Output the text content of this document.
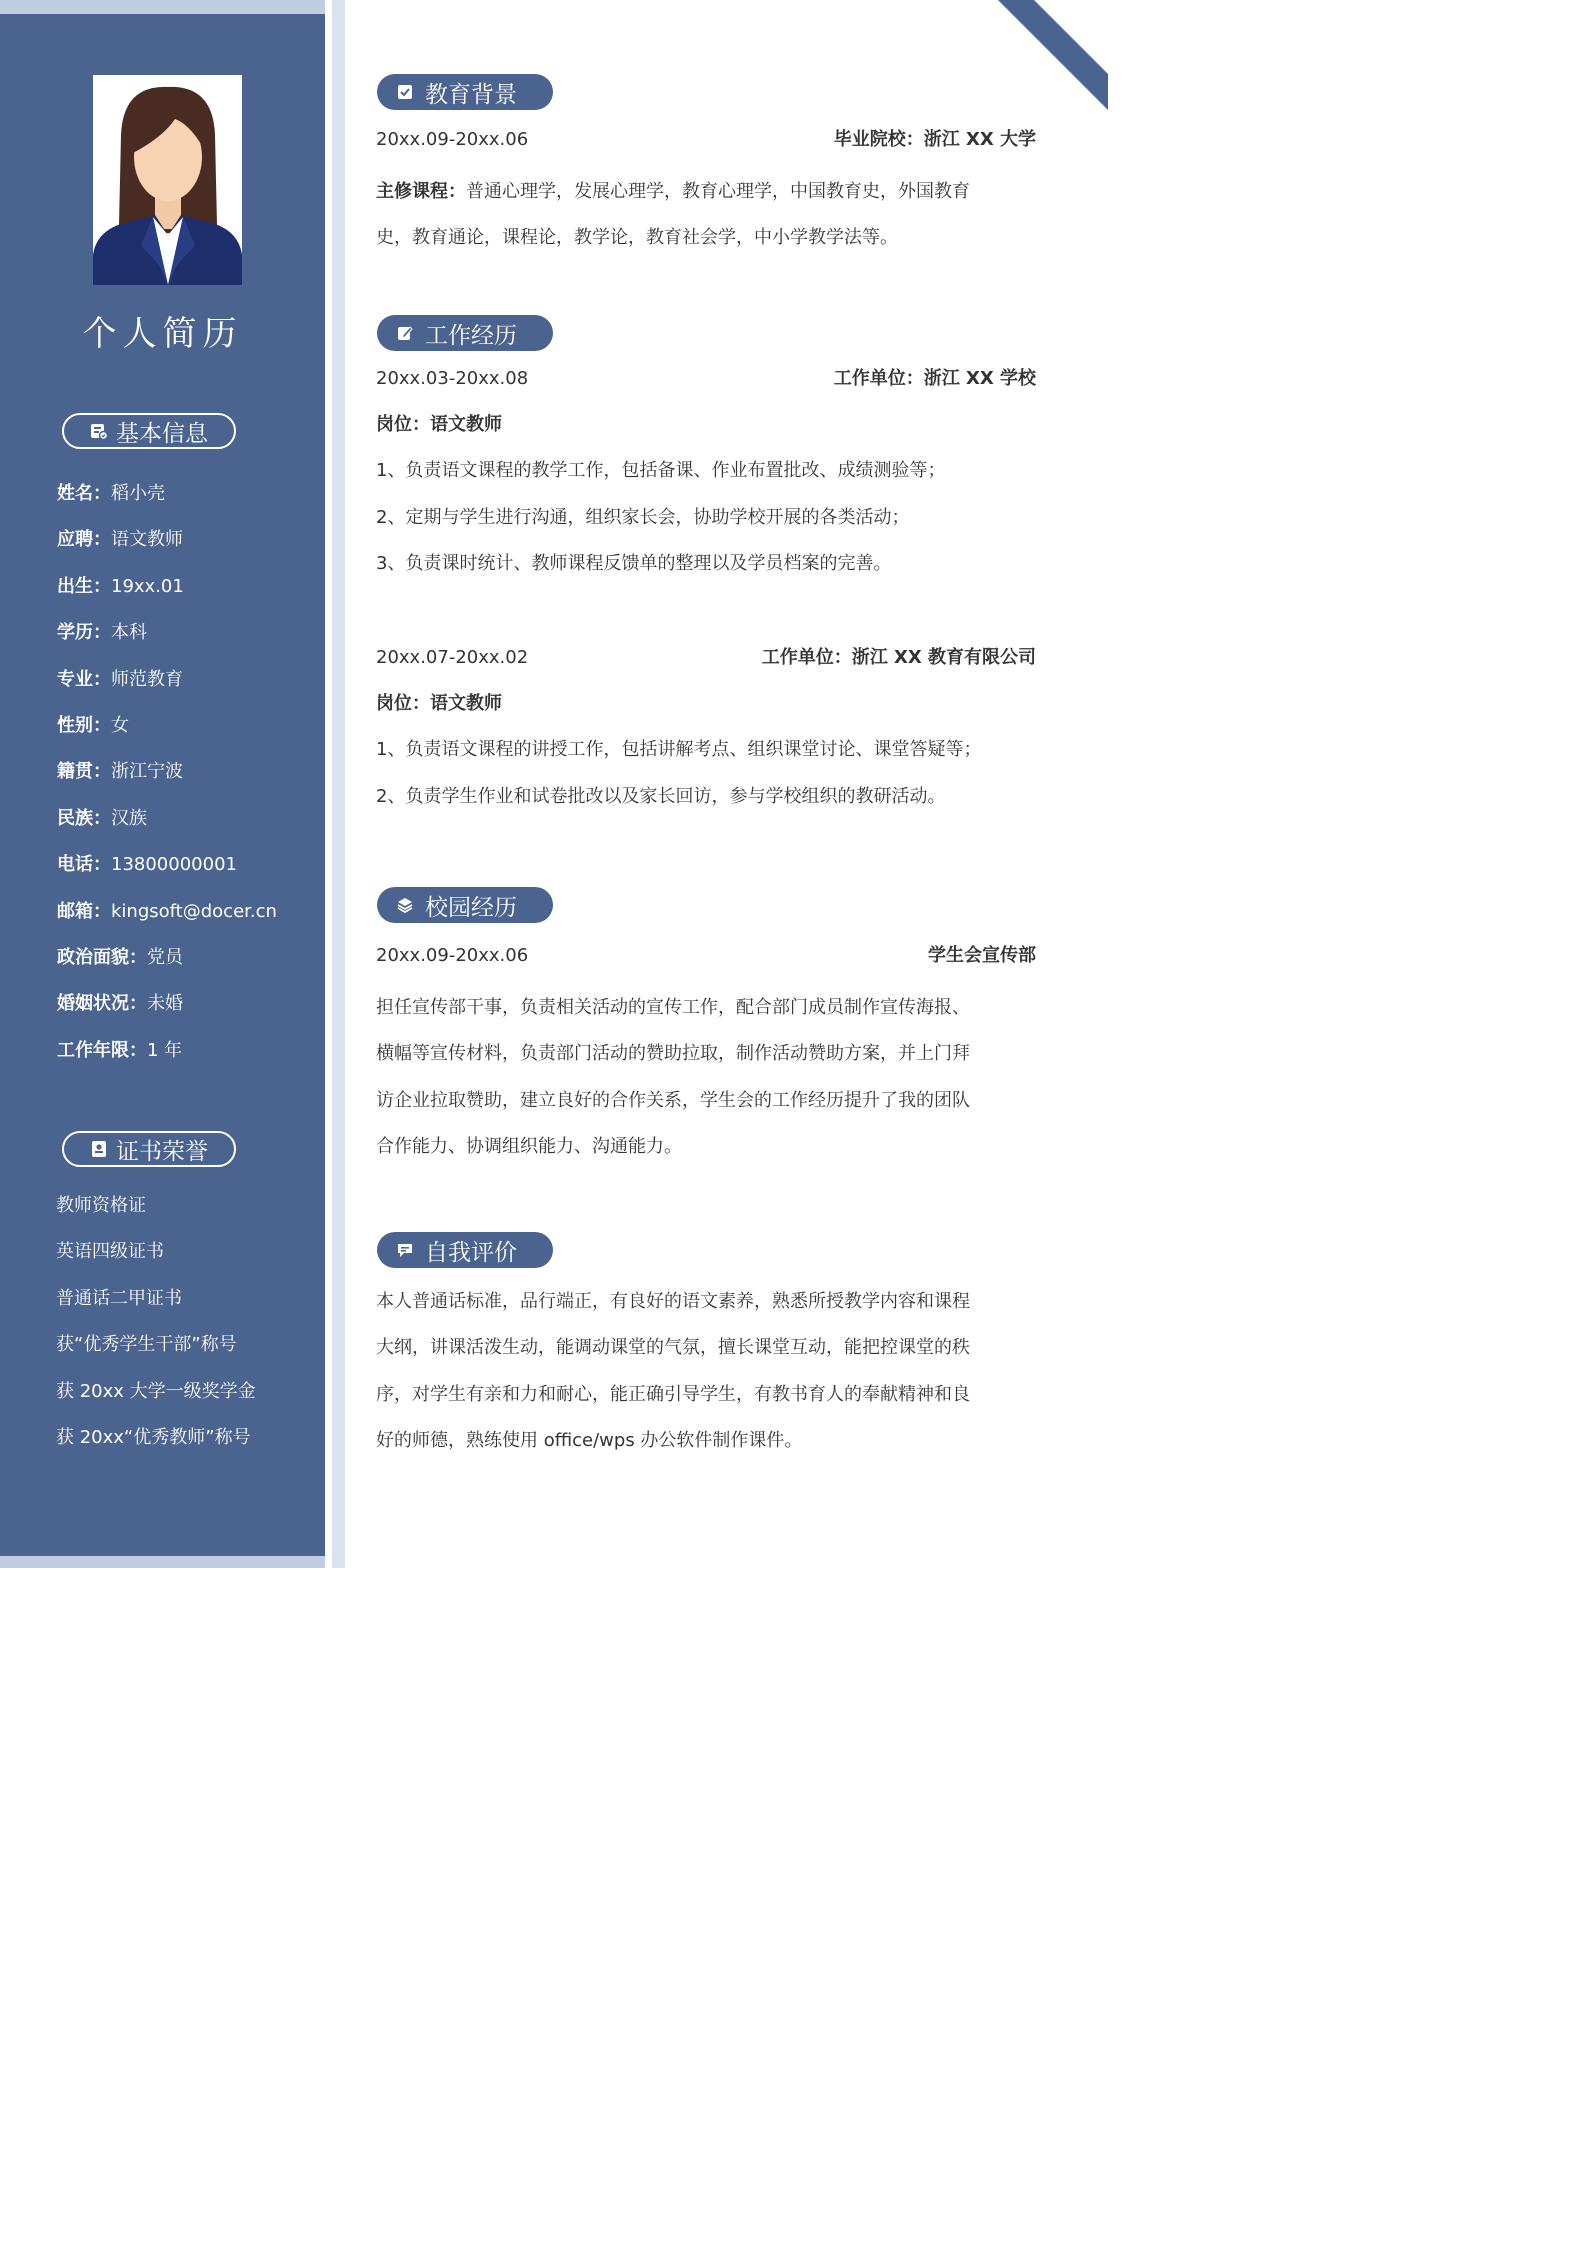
个人简历
基本信息
姓名：稻小壳
应聘：语文教师
出生：19xx.01
学历：本科
专业：师范教育
性别：女
籍贯：浙江宁波
民族：汉族
电话：13800000001
邮箱：kingsoft@docer.cn
政治面貌：党员
婚姻状况：未婚
工作年限：1 年
证书荣誉
教师资格证
英语四级证书
普通话二甲证书
获“优秀学生干部”称号
获 20xx 大学一级奖学金
获 20xx“优秀教师”称号
教育背景
20xx.09-20xx.06	毕业院校：浙江 XX 大学
主修课程：普通心理学，发展心理学，教育心理学，中国教育史，外国教育
史，教育通论，课程论，教学论，教育社会学，中小学教学法等。
工作经历
20xx.03-20xx.08	工作单位：浙江 XX 学校
岗位：语文教师
1、负责语文课程的教学工作，包括备课、作业布置批改、成绩测验等；
2、定期与学生进行沟通，组织家长会，协助学校开展的各类活动；
3、负责课时统计、教师课程反馈单的整理以及学员档案的完善。
20xx.07-20xx.02	工作单位：浙江 XX 教育有限公司
岗位：语文教师
1、负责语文课程的讲授工作，包括讲解考点、组织课堂讨论、课堂答疑等；
2、负责学生作业和试卷批改以及家长回访，参与学校组织的教研活动。
校园经历
20xx.09-20xx.06	学生会宣传部
担任宣传部干事，负责相关活动的宣传工作，配合部门成员制作宣传海报、
横幅等宣传材料，负责部门活动的赞助拉取，制作活动赞助方案，并上门拜
访企业拉取赞助，建立良好的合作关系，学生会的工作经历提升了我的团队
合作能力、协调组织能力、沟通能力。
自我评价
本人普通话标准，品行端正，有良好的语文素养，熟悉所授教学内容和课程
大纲，讲课活泼生动，能调动课堂的气氛，擅长课堂互动，能把控课堂的秩
序，对学生有亲和力和耐心，能正确引导学生，有教书育人的奉献精神和良
好的师德，熟练使用 office/wps 办公软件制作课件。
